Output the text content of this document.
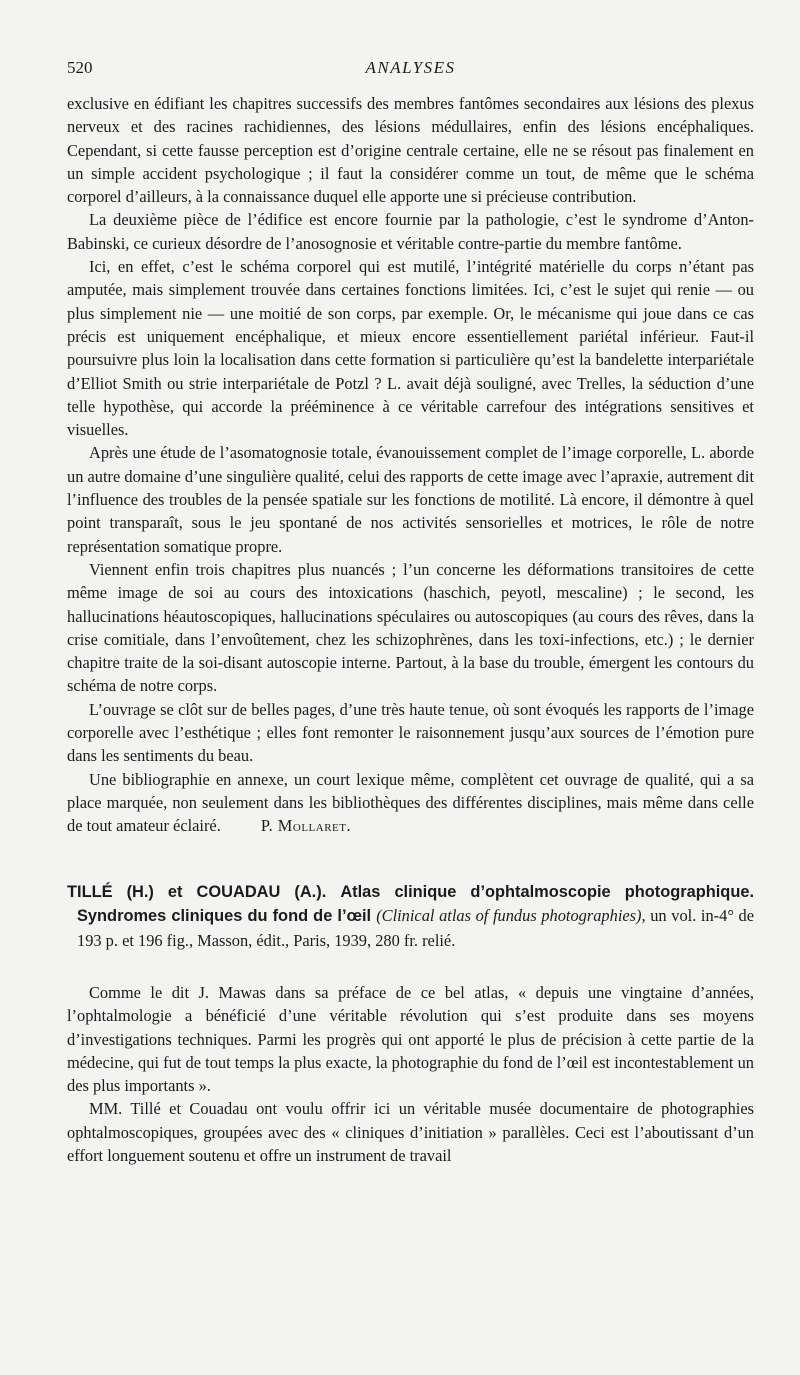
520	ANALYSES

exclusive en édifiant les chapitres successifs des membres fantômes secondaires aux lésions des plexus nerveux et des racines rachidiennes, des lésions médullaires, enfin des lésions encéphaliques. Cependant, si cette fausse perception est d’origine centrale certaine, elle ne se résout pas finalement en un simple accident psychologique ; il faut la considérer comme un tout, de même que le schéma corporel d’ailleurs, à la connaissance duquel elle apporte une si précieuse contribution.

La deuxième pièce de l’édifice est encore fournie par la pathologie, c’est le syndrome d’Anton-Babinski, ce curieux désordre de l’anosognosie et véritable contre-partie du membre fantôme.

Ici, en effet, c’est le schéma corporel qui est mutilé, l’intégrité matérielle du corps n’étant pas amputée, mais simplement trouvée dans certaines fonctions limitées. Ici, c’est le sujet qui renie — ou plus simplement nie — une moitié de son corps, par exemple. Or, le mécanisme qui joue dans ce cas précis est uniquement encéphalique, et mieux encore essentiellement pariétal inférieur. Faut-il poursuivre plus loin la localisation dans cette formation si particulière qu’est la bandelette interpariétale d’Elliot Smith ou strie interpariétale de Potzl ? L. avait déjà souligné, avec Trelles, la séduction d’une telle hypothèse, qui accorde la prééminence à ce véritable carrefour des intégrations sensitives et visuelles.

Après une étude de l’asomatognosie totale, évanouissement complet de l’image corporelle, L. aborde un autre domaine d’une singulière qualité, celui des rapports de cette image avec l’apraxie, autrement dit l’influence des troubles de la pensée spatiale sur les fonctions de motilité. Là encore, il démontre à quel point transparaît, sous le jeu spontané de nos activités sensorielles et motrices, le rôle de notre représentation somatique propre.

Viennent enfin trois chapitres plus nuancés ; l’un concerne les déformations transitoires de cette même image de soi au cours des intoxications (haschich, peyotl, mescaline) ; le second, les hallucinations héautoscopiques, hallucinations spéculaires ou autoscopiques (au cours des rêves, dans la crise comitiale, dans l’envoûtement, chez les schizophrènes, dans les toxi-infections, etc.) ; le dernier chapitre traite de la soi-disant autoscopie interne. Partout, à la base du trouble, émergent les contours du schéma de notre corps.

L’ouvrage se clôt sur de belles pages, d’une très haute tenue, où sont évoqués les rapports de l’image corporelle avec l’esthétique ; elles font remonter le raisonnement jusqu’aux sources de l’émotion pure dans les sentiments du beau.

Une bibliographie en annexe, un court lexique même, complètent cet ouvrage de qualité, qui a sa place marquée, non seulement dans les bibliothèques des différentes disciplines, mais même dans celle de tout amateur éclairé. P. Mollaret.

TILLÉ (H.) et COUADAU (A.). Atlas clinique d’ophtalmoscopie photographique. Syndromes cliniques du fond de l’œil (Clinical atlas of fundus photographies), un vol. in-4° de 193 p. et 196 fig., Masson, édit., Paris, 1939, 280 fr. relié.

Comme le dit J. Mawas dans sa préface de ce bel atlas, « depuis une vingtaine d’années, l’ophtalmologie a bénéficié d’une véritable révolution qui s’est produite dans ses moyens d’investigations techniques. Parmi les progrès qui ont apporté le plus de précision à cette partie de la médecine, qui fut de tout temps la plus exacte, la photographie du fond de l’œil est incontestablement un des plus importants ».

MM. Tillé et Couadau ont voulu offrir ici un véritable musée documentaire de photographies ophtalmoscopiques, groupées avec des « cliniques d’initiation » parallèles. Ceci est l’aboutissant d’un effort longuement soutenu et offre un instrument de travail
